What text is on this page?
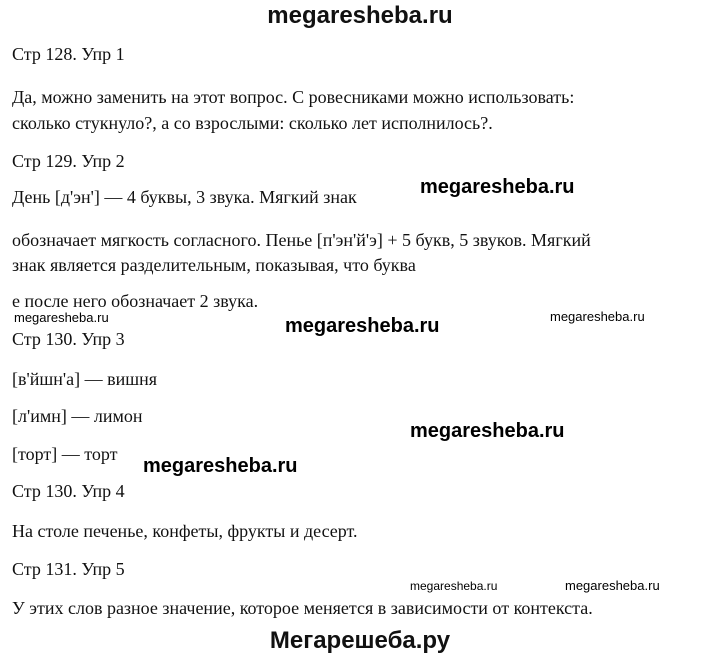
megaresheba.ru
Стр 128. Упр 1
Да, можно заменить на этот вопрос. С ровесниками можно использовать:
сколько стукнуло?, а со взрослыми: сколько лет исполнилось?.
Стр 129. Упр 2
День [д'эн'] — 4 буквы, 3 звука. Мягкий знак
обозначает мягкость согласного. Пенье [п'эн'й'э] + 5 букв, 5 звуков. Мягкий
знак является разделительным, показывая, что буква
е после него обозначает 2 звука.
Стр 130. Упр 3
[в'йшн'а] — вишня
[л'имн] — лимон
[торт] — торт
Стр 130. Упр 4
На столе печенье, конфеты, фрукты и десерт.
Стр 131. Упр 5
У этих слов разное значение, которое меняется в зависимости от контекста.
megaresheba.ru
megaresheba.ru
megaresheba.ru	megaresheba.ru
megaresheba.ru
megaresheba.ru
megaresheba.ru	megaresheba.ru
Мегарешеба.ру
